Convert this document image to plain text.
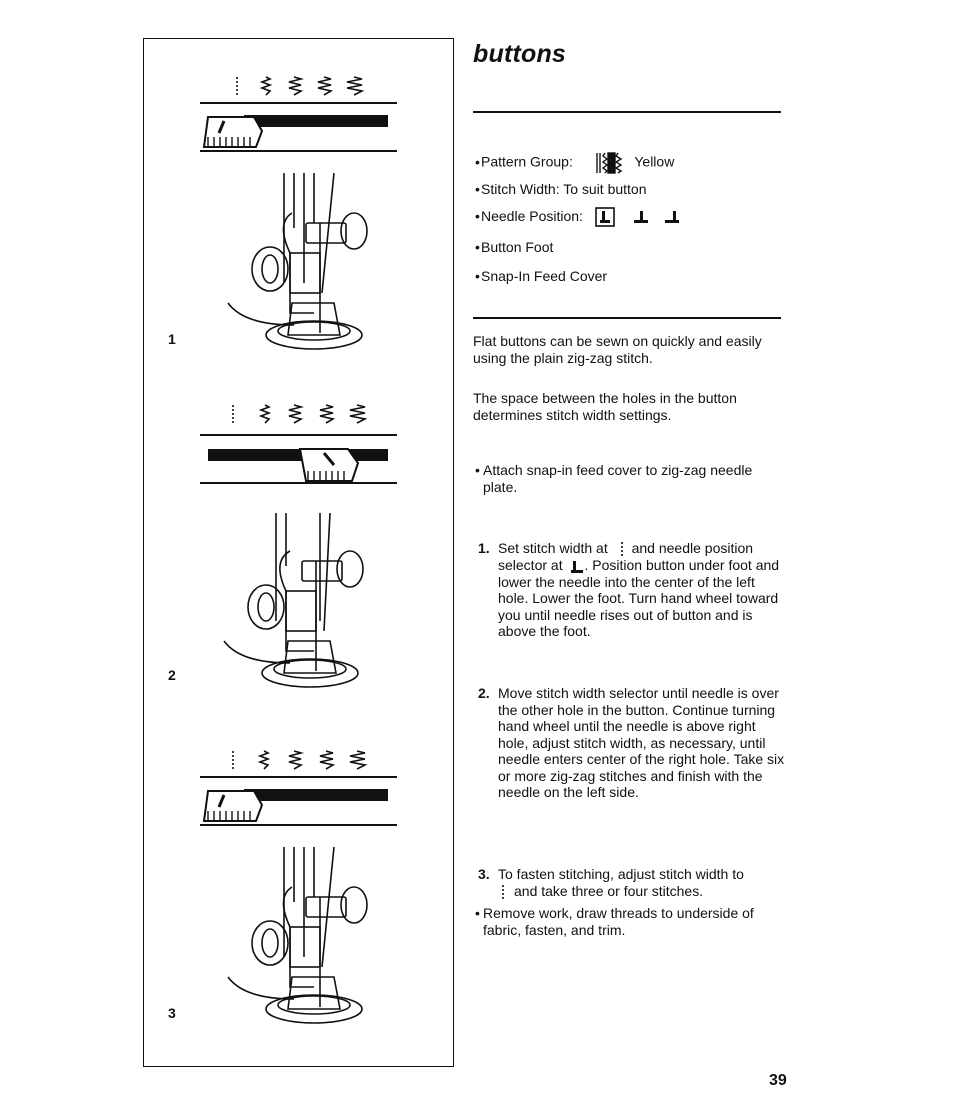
1
2
3
buttons
•Pattern Group:	Yellow
•Stitch Width: To suit button
•Needle Position:
•Button Foot
•Snap-In Feed Cover
Flat buttons can be sewn on quickly and easily using the plain zig-zag stitch.
The space between the holes in the button determines stitch width settings.
• Attach snap-in feed cover to zig-zag needle plate.
1. Set stitch width at and needle position selector at . Position button under foot and lower the needle into the center of the left hole. Lower the foot. Turn hand wheel toward you until needle rises out of button and is above the foot.
2. Move stitch width selector until needle is over the other hole in the button. Continue turning hand wheel until the needle is above right hole, adjust stitch width, as necessary, until needle enters center of the right hole. Take six or more zig-zag stitches and finish with the needle on the left side.
3. To fasten stitching, adjust stitch width to
and take three or four stitches.
• Remove work, draw threads to underside of fabric, fasten, and trim.
39
